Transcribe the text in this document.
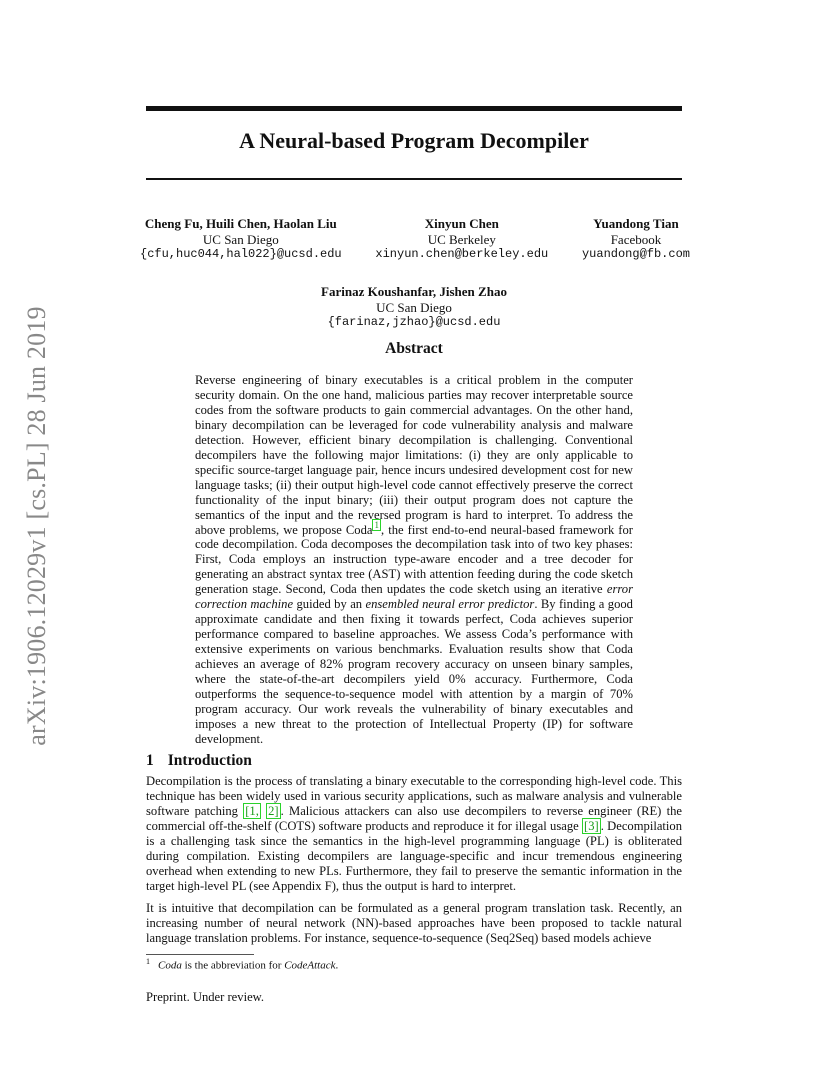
arXiv:1906.12029v1 [cs.PL] 28 Jun 2019
A Neural-based Program Decompiler
Cheng Fu, Huili Chen, Haolan Liu
UC San Diego
{cfu,huc044,hal022}@ucsd.edu
Xinyun Chen
UC Berkeley
xinyun.chen@berkeley.edu
Yuandong Tian
Facebook
yuandong@fb.com
Farinaz Koushanfar, Jishen Zhao
UC San Diego
{farinaz,jzhao}@ucsd.edu
Abstract
Reverse engineering of binary executables is a critical problem in the computer security domain. On the one hand, malicious parties may recover interpretable source codes from the software products to gain commercial advantages. On the other hand, binary decompilation can be leveraged for code vulnerability analysis and malware detection. However, efficient binary decompilation is challenging. Conventional decompilers have the following major limitations: (i) they are only applicable to specific source-target language pair, hence incurs undesired development cost for new language tasks; (ii) their output high-level code cannot effectively preserve the correct functionality of the input binary; (iii) their output program does not capture the semantics of the input and the reversed program is hard to interpret. To address the above problems, we propose Coda $^1$ , the first end-to-end neural-based framework for code decompilation. Coda decomposes the decompilation task into of two key phases: First, Coda employs an instruction type-aware encoder and a tree decoder for generating an abstract syntax tree (AST) with attention feeding during the code sketch generation stage. Second, Coda then updates the code sketch using an iterative error correction machine guided by an ensembled neural error predictor. By finding a good approximate candidate and then fixing it towards perfect, Coda achieves superior performance compared to baseline approaches. We assess Coda’s performance with extensive experiments on various benchmarks. Evaluation results show that Coda achieves an average of 82% program recovery accuracy on unseen binary samples, where the state-of-the-art decompilers yield 0% accuracy. Furthermore, Coda outperforms the sequence-to-sequence model with attention by a margin of 70% program accuracy. Our work reveals the vulnerability of binary executables and imposes a new threat to the protection of Intellectual Property (IP) for software development.
1 Introduction
Decompilation is the process of translating a binary executable to the corresponding high-level code. This technique has been widely used in various security applications, such as malware analysis and vulnerable software patching [1, 2] . Malicious attackers can also use decompilers to reverse engineer (RE) the commercial off-the-shelf (COTS) software products and reproduce it for illegal usage [3] . Decompilation is a challenging task since the semantics in the high-level programming language (PL) is obliterated during compilation. Existing decompilers are language-specific and incur tremendous engineering overhead when extending to new PLs. Furthermore, they fail to preserve the semantic information in the target high-level PL (see Appendix F), thus the output is hard to interpret.
It is intuitive that decompilation can be formulated as a general program translation task. Recently, an increasing number of neural network (NN)-based approaches have been proposed to tackle natural language translation problems. For instance, sequence-to-sequence (Seq2Seq) based models achieve
$^1$ Coda is the abbreviation for CodeAttack.
Preprint. Under review.
